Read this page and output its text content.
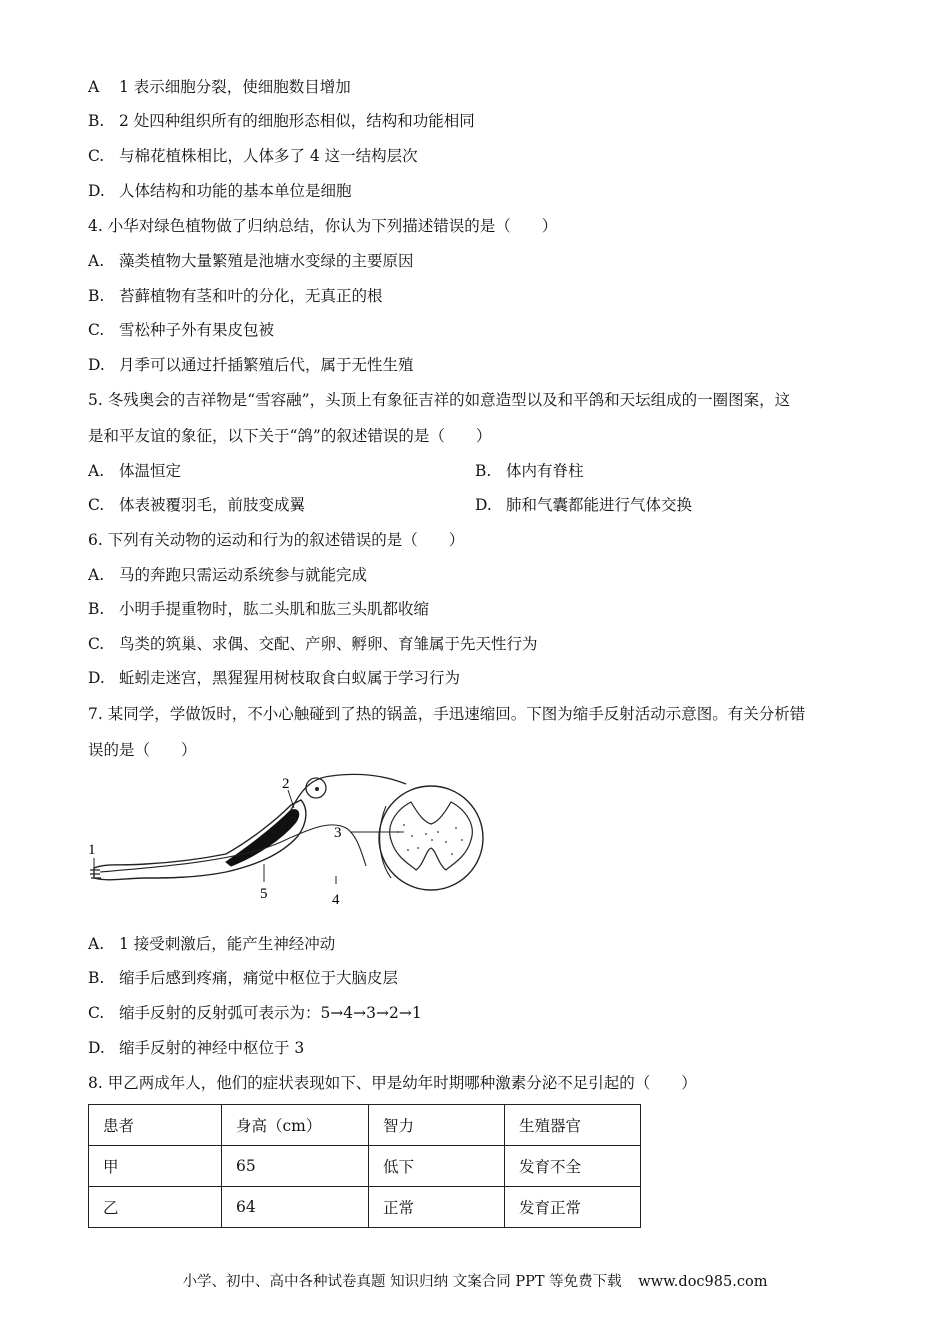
A 1 表示细胞分裂，使细胞数目增加
B. 2 处四种组织所有的细胞形态相似，结构和功能相同
C. 与棉花植株相比，人体多了 4 这一结构层次
D. 人体结构和功能的基本单位是细胞
4. 小华对绿色植物做了归纳总结，你认为下列描述错误的是（　　）
A. 藻类植物大量繁殖是池塘水变绿的主要原因
B. 苔藓植物有茎和叶的分化，无真正的根
C. 雪松种子外有果皮包被
D. 月季可以通过扦插繁殖后代，属于无性生殖
5. 冬残奥会的吉祥物是“雪容融”，头顶上有象征吉祥的如意造型以及和平鸽和天坛组成的一圈图案，这
是和平友谊的象征，以下关于“鸽”的叙述错误的是（　　）
A. 体温恒定	B. 体内有脊柱
C. 体表被覆羽毛，前肢变成翼	D. 肺和气囊都能进行气体交换
6. 下列有关动物的运动和行为的叙述错误的是（　　）
A. 马的奔跑只需运动系统参与就能完成
B. 小明手提重物时，肱二头肌和肱三头肌都收缩
C. 鸟类的筑巢、求偶、交配、产卵、孵卵、育雏属于先天性行为
D. 蚯蚓走迷宫，黑猩猩用树枝取食白蚁属于学习行为
7. 某同学，学做饭时，不小心触碰到了热的锅盖，手迅速缩回。下图为缩手反射活动示意图。有关分析错
误的是（　　）
1
2
3
4
5
A. 1 接受刺激后，能产生神经冲动
B. 缩手后感到疼痛，痛觉中枢位于大脑皮层
C. 缩手反射的反射弧可表示为：5→4→3→2→1
D. 缩手反射的神经中枢位于 3
8. 甲乙两成年人，他们的症状表现如下、甲是幼年时期哪种激素分泌不足引起的（　　）
患者	身高（cm）	智力	生殖器官
甲	65	低下	发育不全
乙	64	正常	发育正常
小学、初中、高中各种试卷真题 知识归纳 文案合同 PPT 等免费下载 www.doc985.com
